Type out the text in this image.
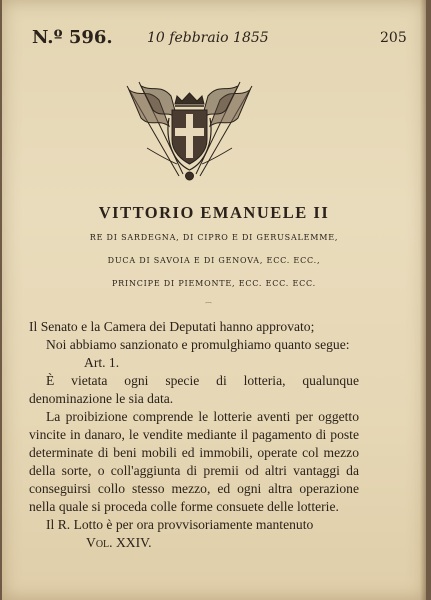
N.º 596. 10 febbraio 1855	205
VITTORIO EMANUELE II
RE DI SARDEGNA, DI CIPRO E DI GERUSALEMME,
DUCA DI SAVOIA E DI GENOVA, ECC. ECC.,
PRINCIPE DI PIEMONTE, ECC. ECC. ECC.
⌒

Il Senato e la Camera dei Deputati hanno approvato;

Noi abbiamo sanzionato e promulghiamo quanto segue:

Art. 1.

È vietata ogni specie di lotteria, qualunque denominazione le sia data.

La proibizione comprende le lotterie aventi per oggetto vincite in danaro, le vendite mediante il pagamento di poste determinate di beni mobili ed immobili, operate col mezzo della sorte, o coll'aggiunta di premii od altri vantaggi da conseguirsi collo stesso mezzo, ed ogni altra operazione nella quale si proceda colle forme consuete delle lotterie.

Il R. Lotto è per ora provvisoriamente mantenuto

Vol. XXIV.
